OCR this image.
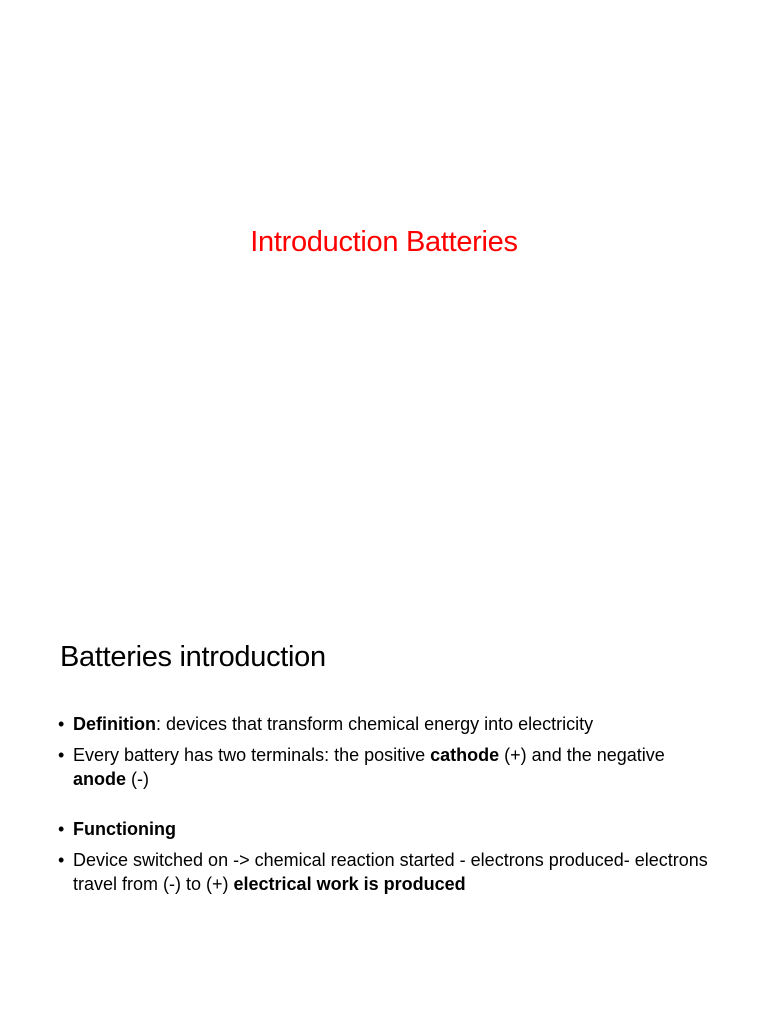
Introduction Batteries
Batteries introduction
• Definition: devices that transform chemical energy into electricity
• Every battery has two terminals: the positive cathode (+) and the negative anode (-)
• Functioning
• Device switched on -> chemical reaction started - electrons produced- electrons travel from (-) to (+) electrical work is produced
